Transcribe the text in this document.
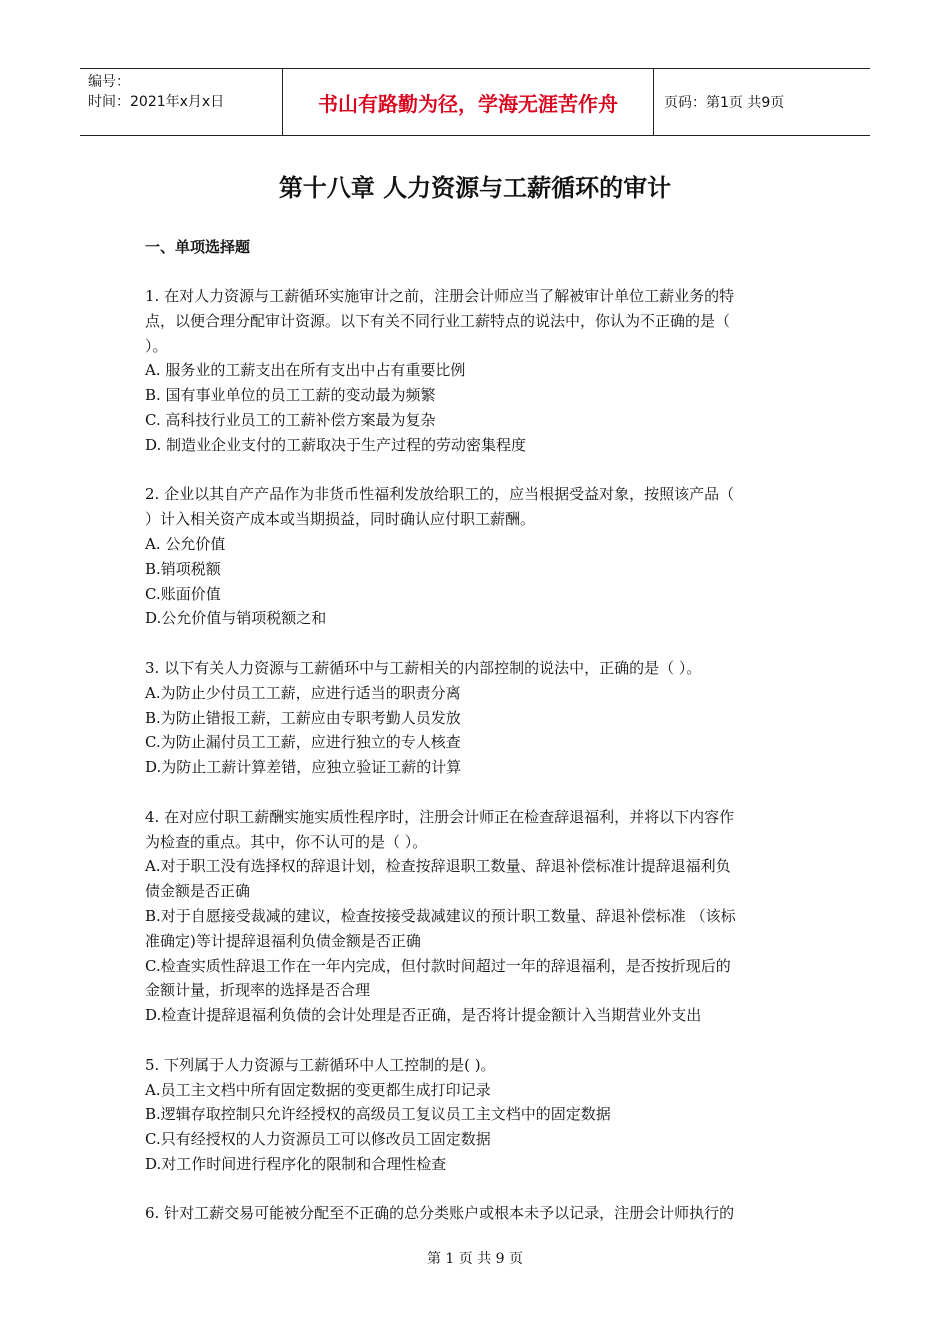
编号：
时间：2021年x月x日	书山有路勤为径，学海无涯苦作舟	页码：第1页 共9页
第十八章 人力资源与工薪循环的审计
一、单项选择题

1. 在对人力资源与工薪循环实施审计之前，注册会计师应当了解被审计单位工薪业务的特

点，以便合理分配审计资源。以下有关不同行业工薪特点的说法中，你认为不正确的是（

）。

A. 服务业的工薪支出在所有支出中占有重要比例

B. 国有事业单位的员工工薪的变动最为频繁

C. 高科技行业员工的工薪补偿方案最为复杂

D. 制造业企业支付的工薪取决于生产过程的劳动密集程度

2. 企业以其自产产品作为非货币性福利发放给职工的，应当根据受益对象，按照该产品（

）计入相关资产成本或当期损益，同时确认应付职工薪酬。

A. 公允价值

B.销项税额

C.账面价值

D.公允价值与销项税额之和

3. 以下有关人力资源与工薪循环中与工薪相关的内部控制的说法中，正确的是（ ）。

A.为防止少付员工工薪，应进行适当的职责分离

B.为防止错报工薪，工薪应由专职考勤人员发放

C.为防止漏付员工工薪，应进行独立的专人核查

D.为防止工薪计算差错，应独立验证工薪的计算

4. 在对应付职工薪酬实施实质性程序时，注册会计师正在检查辞退福利，并将以下内容作

为检查的重点。其中，你不认可的是（ ）。

A.对于职工没有选择权的辞退计划，检查按辞退职工数量、辞退补偿标准计提辞退福利负

债金额是否正确

B.对于自愿接受裁减的建议，检查按接受裁减建议的预计职工数量、辞退补偿标准 （该标

准确定)等计提辞退福利负债金额是否正确

C.检查实质性辞退工作在一年内完成，但付款时间超过一年的辞退福利，是否按折现后的

金额计量，折现率的选择是否合理

D.检查计提辞退福利负债的会计处理是否正确，是否将计提金额计入当期营业外支出

5. 下列属于人力资源与工薪循环中人工控制的是( )。

A.员工主文档中所有固定数据的变更都生成打印记录

B.逻辑存取控制只允许经授权的高级员工复议员工主文档中的固定数据

C.只有经授权的人力资源员工可以修改员工固定数据

D.对工作时间进行程序化的限制和合理性检查

6. 针对工薪交易可能被分配至不正确的总分类账户或根本未予以记录，注册会计师执行的

第 1 页 共 9 页
